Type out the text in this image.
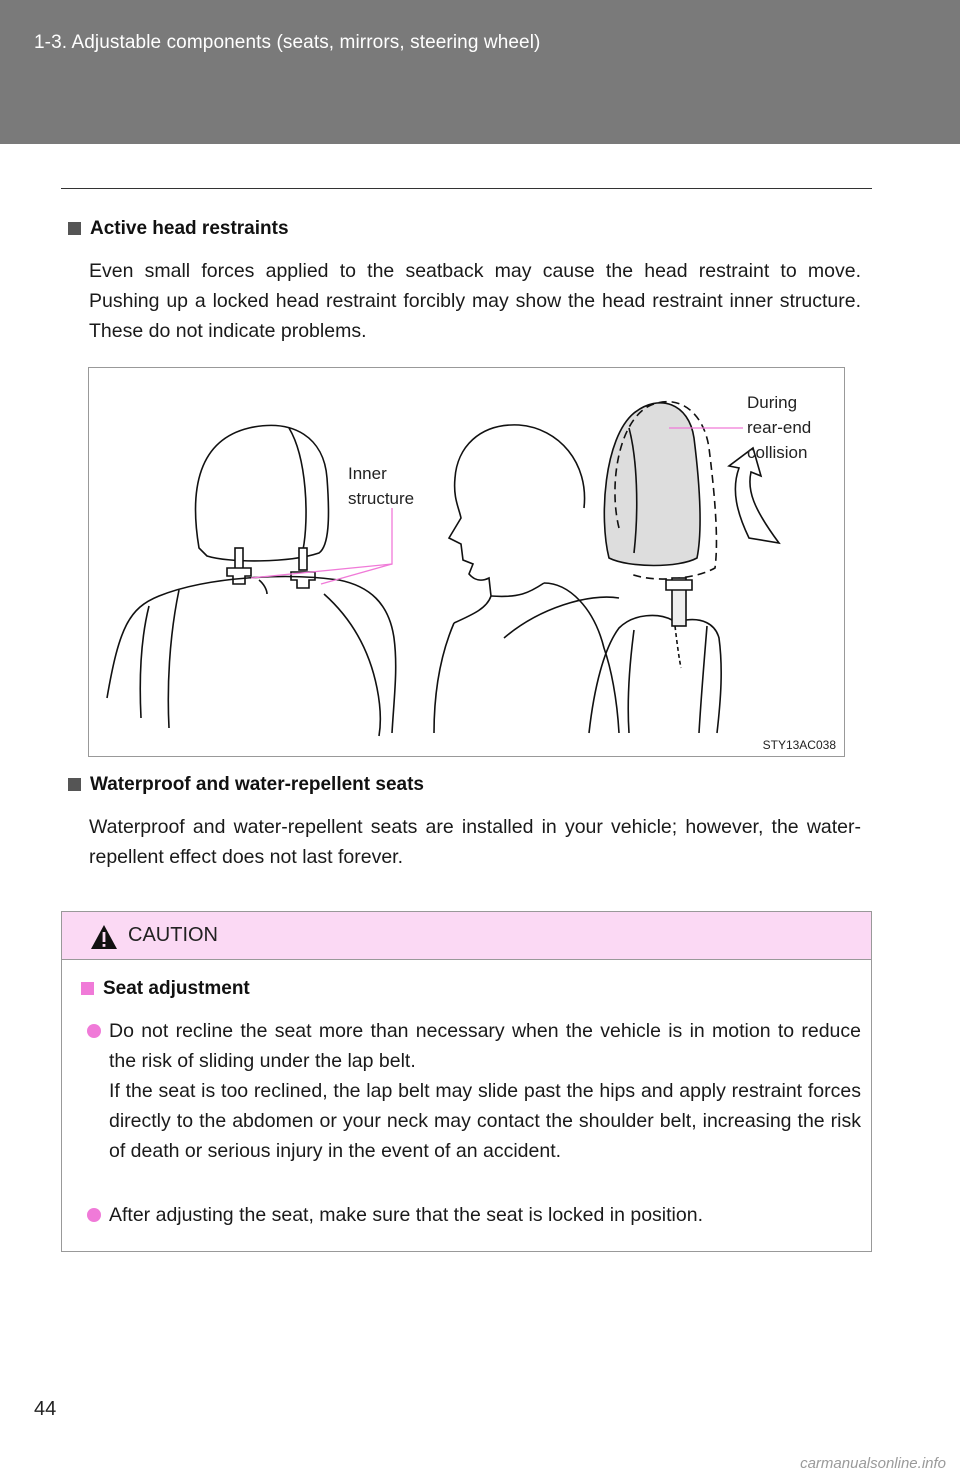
1-3. Adjustable components (seats, mirrors, steering wheel)
Active head restraints
Even small forces applied to the seatback may cause the head restraint to move. Pushing up a locked head restraint forcibly may show the head restraint inner structure. These do not indicate problems.
Inner
structure
During
rear-end
collision
STY13AC038
Waterproof and water-repellent seats
Waterproof and water-repellent seats are installed in your vehicle; however, the water-repellent effect does not last forever.
CAUTION
Seat adjustment
Do not recline the seat more than necessary when the vehicle is in motion to reduce the risk of sliding under the lap belt.
If the seat is too reclined, the lap belt may slide past the hips and apply restraint forces directly to the abdomen or your neck may contact the shoulder belt, increasing the risk of death or serious injury in the event of an accident.
After adjusting the seat, make sure that the seat is locked in position.
44
carmanualsonline.info
